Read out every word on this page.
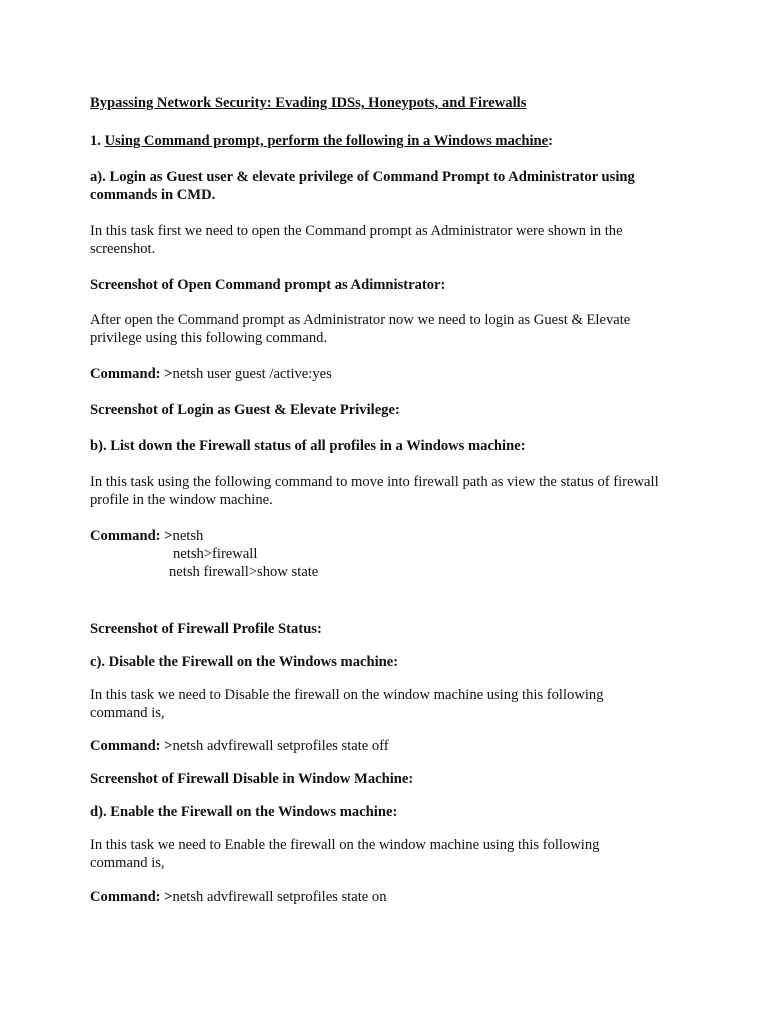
Bypassing Network Security: Evading IDSs, Honeypots, and Firewalls

1. Using Command prompt, perform the following in a Windows machine:

a). Login as Guest user & elevate privilege of Command Prompt to Administrator using

commands in CMD.

In this task first we need to open the Command prompt as Administrator were shown in the

screenshot.

Screenshot of Open Command prompt as Adimnistrator:

After open the Command prompt as Administrator now we need to login as Guest & Elevate

privilege using this following command.

Command: >netsh user guest /active:yes

Screenshot of Login as Guest & Elevate Privilege:

b). List down the Firewall status of all profiles in a Windows machine:

In this task using the following command to move into firewall path as view the status of firewall

profile in the window machine.

Command: >netsh

netsh>firewall

netsh firewall>show state

Screenshot of Firewall Profile Status:

c). Disable the Firewall on the Windows machine:

In this task we need to Disable the firewall on the window machine using this following

command is,

Command: >netsh advfirewall setprofiles state off

Screenshot of Firewall Disable in Window Machine:

d). Enable the Firewall on the Windows machine:

In this task we need to Enable the firewall on the window machine using this following

command is,

Command: >netsh advfirewall setprofiles state on
